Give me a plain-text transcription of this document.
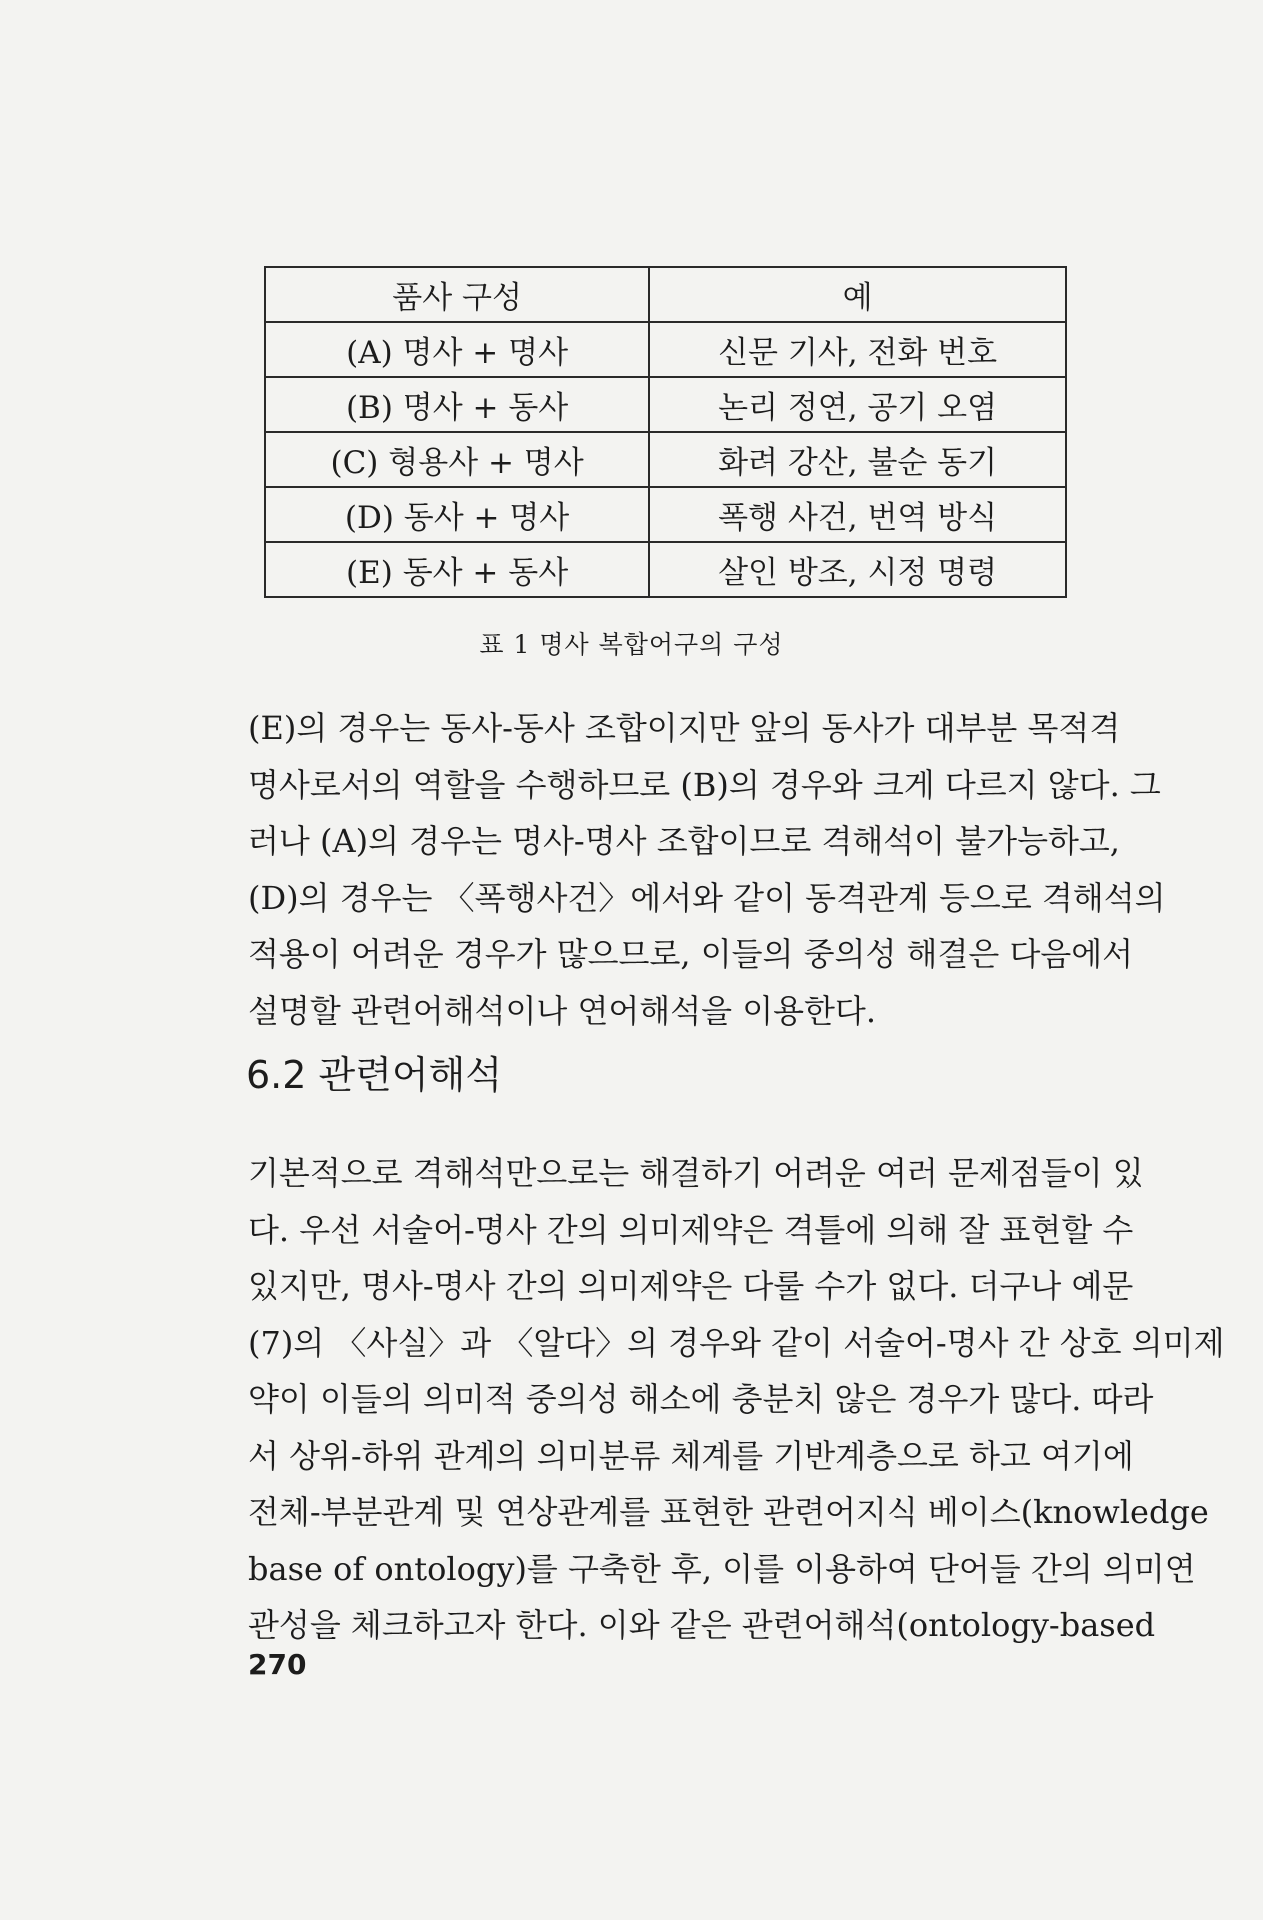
품사 구성	예
(A) 명사 + 명사	신문 기사, 전화 번호
(B) 명사 + 동사	논리 정연, 공기 오염
(C) 형용사 + 명사	화려 강산, 불순 동기
(D) 동사 + 명사	폭행 사건, 번역 방식
(E) 동사 + 동사	살인 방조, 시정 명령
표 1 명사 복합어구의 구성

(E)의 경우는 동사-동사 조합이지만 앞의 동사가 대부분 목적격
명사로서의 역할을 수행하므로 (B)의 경우와 크게 다르지 않다. 그
러나 (A)의 경우는 명사-명사 조합이므로 격해석이 불가능하고,
(D)의 경우는 〈폭행사건〉에서와 같이 동격관계 등으로 격해석의
적용이 어려운 경우가 많으므로, 이들의 중의성 해결은 다음에서
설명할 관련어해석이나 연어해석을 이용한다.

6.2 관련어해석

기본적으로 격해석만으로는 해결하기 어려운 여러 문제점들이 있
다. 우선 서술어-명사 간의 의미제약은 격틀에 의해 잘 표현할 수
있지만, 명사-명사 간의 의미제약은 다룰 수가 없다. 더구나 예문
(7)의 〈사실〉과 〈알다〉의 경우와 같이 서술어-명사 간 상호 의미제
약이 이들의 의미적 중의성 해소에 충분치 않은 경우가 많다. 따라
서 상위-하위 관계의 의미분류 체계를 기반계층으로 하고 여기에
전체-부분관계 및 연상관계를 표현한 관련어지식 베이스(knowledge
base of ontology)를 구축한 후, 이를 이용하여 단어들 간의 의미연
관성을 체크하고자 한다. 이와 같은 관련어해석(ontology-based

270
